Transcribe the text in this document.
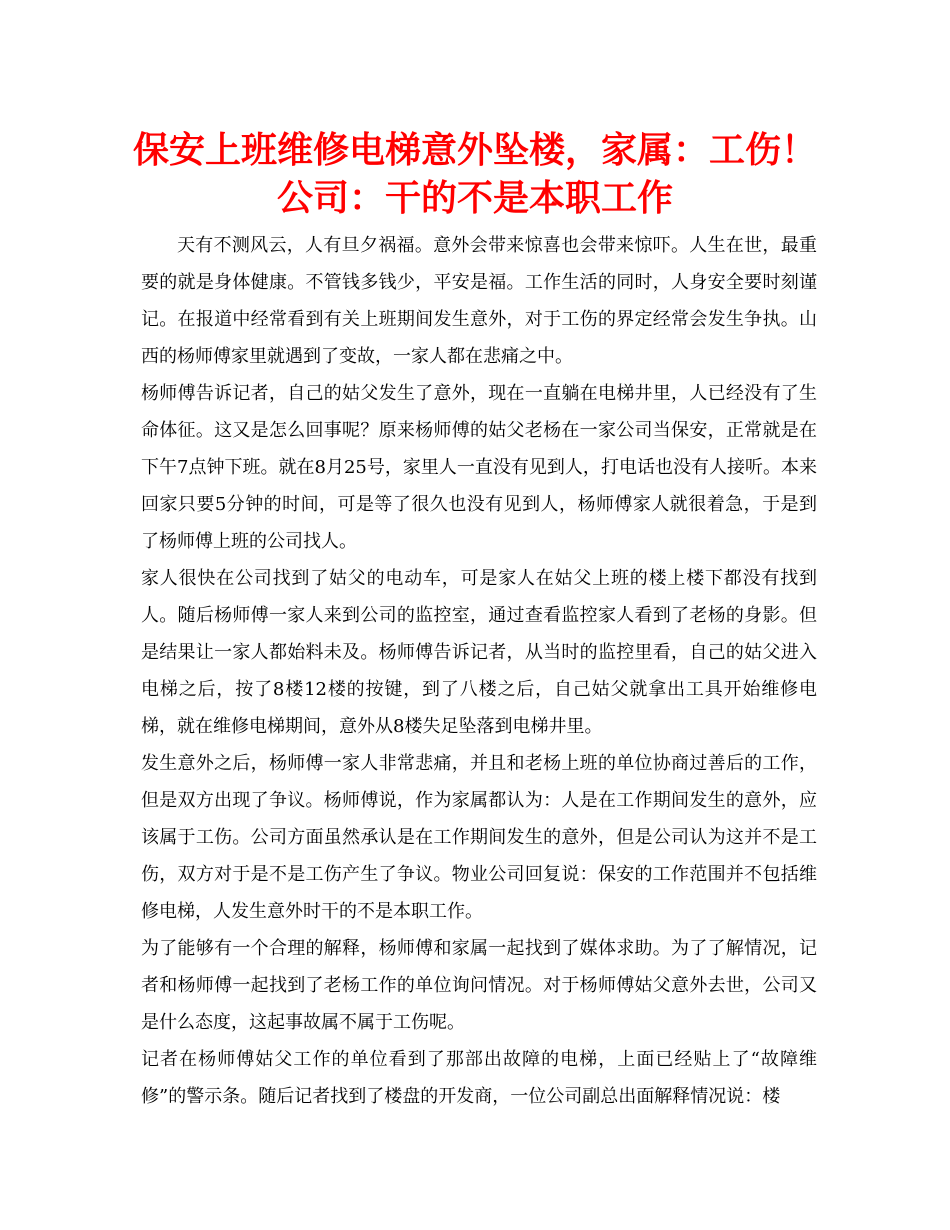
保安上班维修电梯意外坠楼，家属：工伤！
公司：干的不是本职工作

天有不测风云，人有旦夕祸福。意外会带来惊喜也会带来惊吓。人生在世，最重要的就是身体健康。不管钱多钱少，平安是福。工作生活的同时，人身安全要时刻谨记。在报道中经常看到有关上班期间发生意外，对于工伤的界定经常会发生争执。山西的杨师傅家里就遇到了变故，一家人都在悲痛之中。

杨师傅告诉记者，自己的姑父发生了意外，现在一直躺在电梯井里，人已经没有了生命体征。这又是怎么回事呢？原来杨师傅的姑父老杨在一家公司当保安，正常就是在下午7点钟下班。就在8月25号，家里人一直没有见到人，打电话也没有人接听。本来回家只要5分钟的时间，可是等了很久也没有见到人，杨师傅家人就很着急，于是到了杨师傅上班的公司找人。

家人很快在公司找到了姑父的电动车，可是家人在姑父上班的楼上楼下都没有找到人。随后杨师傅一家人来到公司的监控室，通过查看监控家人看到了老杨的身影。但是结果让一家人都始料未及。杨师傅告诉记者，从当时的监控里看，自己的姑父进入电梯之后，按了8楼12楼的按键，到了八楼之后，自己姑父就拿出工具开始维修电梯，就在维修电梯期间，意外从8楼失足坠落到电梯井里。

发生意外之后，杨师傅一家人非常悲痛，并且和老杨上班的单位协商过善后的工作，但是双方出现了争议。杨师傅说，作为家属都认为：人是在工作期间发生的意外，应该属于工伤。公司方面虽然承认是在工作期间发生的意外，但是公司认为这并不是工伤，双方对于是不是工伤产生了争议。物业公司回复说：保安的工作范围并不包括维修电梯，人发生意外时干的不是本职工作。

为了能够有一个合理的解释，杨师傅和家属一起找到了媒体求助。为了了解情况，记者和杨师傅一起找到了老杨工作的单位询问情况。对于杨师傅姑父意外去世，公司又是什么态度，这起事故属不属于工伤呢。

记者在杨师傅姑父工作的单位看到了那部出故障的电梯，上面已经贴上了“故障维修”的警示条。随后记者找到了楼盘的开发商，一位公司副总出面解释情况说：楼
